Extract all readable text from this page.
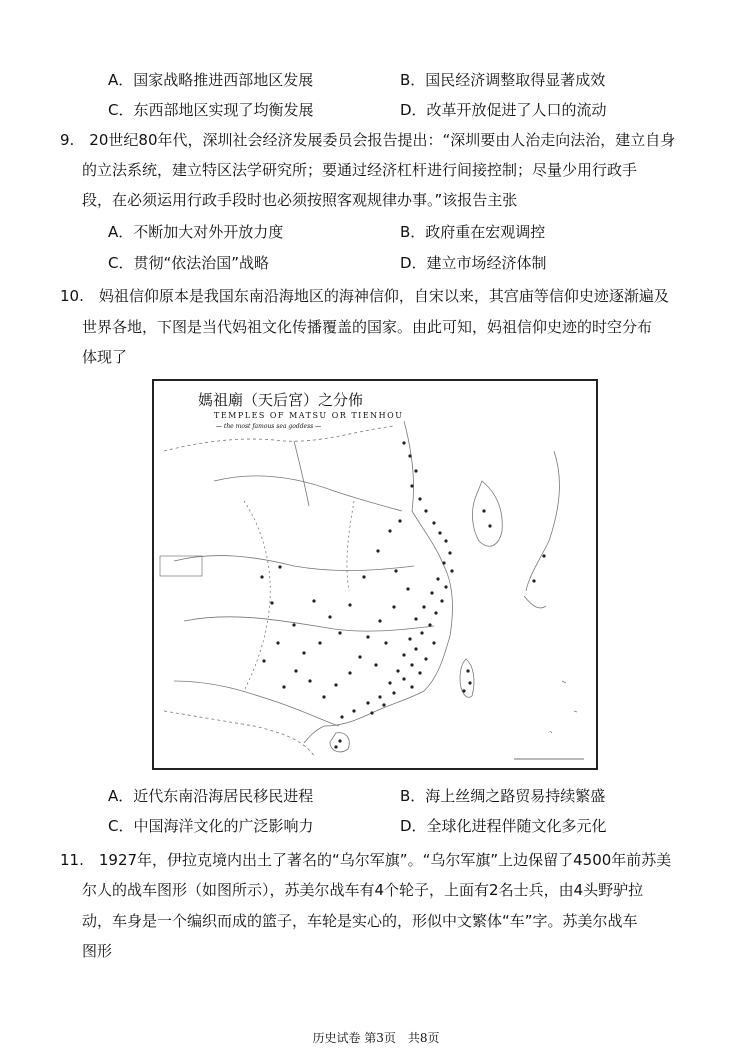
A．国家战略推进西部地区发展	B．国民经济调整取得显著成效
C．东西部地区实现了均衡发展	D．改革开放促进了人口的流动
9.　20世纪80年代，深圳社会经济发展委员会报告提出：“深圳要由人治走向法治，建立自身
的立法系统，建立特区法学研究所；要通过经济杠杆进行间接控制；尽量少用行政手
段，在必须运用行政手段时也必须按照客观规律办事。”该报告主张
A．不断加大对外开放力度	B．政府重在宏观调控
C．贯彻“依法治国”战略	D．建立市场经济体制
10.　妈祖信仰原本是我国东南沿海地区的海神信仰，自宋以来，其宫庙等信仰史迹逐渐遍及
世界各地，下图是当代妈祖文化传播覆盖的国家。由此可知，妈祖信仰史迹的时空分布
体现了
媽祖廟（天后宮）之分佈
TEMPLES OF MATSU OR TIENHOU
— the most famous sea goddess —
A．近代东南沿海居民移民进程	B．海上丝绸之路贸易持续繁盛
C．中国海洋文化的广泛影响力	D．全球化进程伴随文化多元化
11.　1927年，伊拉克境内出土了著名的“乌尔军旗”。“乌尔军旗”上边保留了4500年前苏美
尔人的战车图形（如图所示），苏美尔战车有4个轮子，上面有2名士兵，由4头野驴拉
动，车身是一个编织而成的篮子，车轮是实心的，形似中文繁体“车”字。苏美尔战车
图形
历史试卷 第3页　共8页
